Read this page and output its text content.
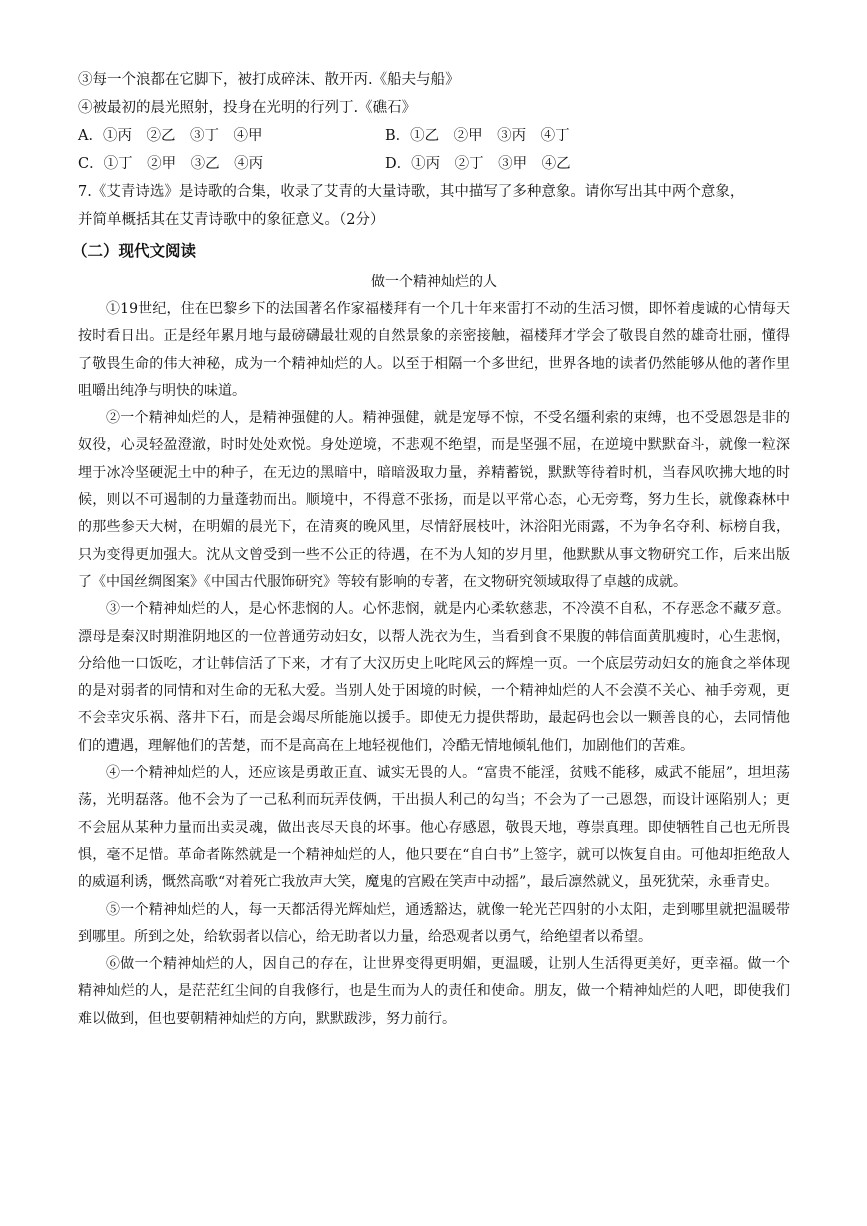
③每一个浪都在它脚下，被打成碎沫、散开丙.《船夫与船》
④被最初的晨光照射，投身在光明的行列丁.《礁石》
A．①丙　②乙　③丁　④甲	B．①乙　②甲　③丙　④丁
C．①丁　②甲　③乙　④丙	D．①丙　②丁　③甲　④乙
7.《艾青诗选》是诗歌的合集，收录了艾青的大量诗歌，其中描写了多种意象。请你写出其中两个意象，
并简单概括其在艾青诗歌中的象征意义。（2分）
（二）现代文阅读
做一个精神灿烂的人

①19世纪，住在巴黎乡下的法国著名作家福楼拜有一个几十年来雷打不动的生活习惯，即怀着虔诚的心情每天按时看日出。正是经年累月地与最磅礴最壮观的自然景象的亲密接触，福楼拜才学会了敬畏自然的雄奇壮丽，懂得了敬畏生命的伟大神秘，成为一个精神灿烂的人。以至于相隔一个多世纪，世界各地的读者仍然能够从他的著作里咀嚼出纯净与明快的味道。

②一个精神灿烂的人，是精神强健的人。精神强健，就是宠辱不惊，不受名缰利索的束缚，也不受恩怨是非的奴役，心灵轻盈澄澈，时时处处欢悦。身处逆境，不悲观不绝望，而是坚强不屈，在逆境中默默奋斗，就像一粒深埋于冰冷坚硬泥土中的种子，在无边的黑暗中，暗暗汲取力量，养精蓄锐，默默等待着时机，当春风吹拂大地的时候，则以不可遏制的力量蓬勃而出。顺境中，不得意不张扬，而是以平常心态，心无旁骛，努力生长，就像森林中的那些参天大树，在明媚的晨光下，在清爽的晚风里，尽情舒展枝叶，沐浴阳光雨露，不为争名夺利、标榜自我，只为变得更加强大。沈从文曾受到一些不公正的待遇，在不为人知的岁月里，他默默从事文物研究工作，后来出版了《中国丝绸图案》《中国古代服饰研究》等较有影响的专著，在文物研究领域取得了卓越的成就。

③一个精神灿烂的人，是心怀悲悯的人。心怀悲悯，就是内心柔软慈悲，不冷漠不自私，不存恶念不藏歹意。漂母是秦汉时期淮阴地区的一位普通劳动妇女，以帮人洗衣为生，当看到食不果腹的韩信面黄肌瘦时，心生悲悯，分给他一口饭吃，才让韩信活了下来，才有了大汉历史上叱咤风云的辉煌一页。一个底层劳动妇女的施食之举体现的是对弱者的同情和对生命的无私大爱。当别人处于困境的时候，一个精神灿烂的人不会漠不关心、袖手旁观，更不会幸灾乐祸、落井下石，而是会竭尽所能施以援手。即使无力提供帮助，最起码也会以一颗善良的心，去同情他们的遭遇，理解他们的苦楚，而不是高高在上地轻视他们，冷酷无情地倾轧他们，加剧他们的苦难。

④一个精神灿烂的人，还应该是勇敢正直、诚实无畏的人。“富贵不能淫，贫贱不能移，威武不能屈”，坦坦荡荡，光明磊落。他不会为了一己私利而玩弄伎俩，干出损人利己的勾当；不会为了一己恩怨，而设计诬陷别人；更不会屈从某种力量而出卖灵魂，做出丧尽天良的坏事。他心存感恩，敬畏天地，尊崇真理。即使牺牲自己也无所畏惧，毫不足惜。革命者陈然就是一个精神灿烂的人，他只要在“自白书”上签字，就可以恢复自由。可他却拒绝敌人的威逼利诱，慨然高歌“对着死亡我放声大笑，魔鬼的宫殿在笑声中动摇”，最后凛然就义，虽死犹荣，永垂青史。

⑤一个精神灿烂的人，每一天都活得光辉灿烂，通透豁达，就像一轮光芒四射的小太阳，走到哪里就把温暖带到哪里。所到之处，给软弱者以信心，给无助者以力量，给恐观者以勇气，给绝望者以希望。

⑥做一个精神灿烂的人，因自己的存在，让世界变得更明媚，更温暖，让别人生活得更美好，更幸福。做一个精神灿烂的人，是茫茫红尘间的自我修行，也是生而为人的责任和使命。朋友，做一个精神灿烂的人吧，即使我们难以做到，但也要朝精神灿烂的方向，默默跋涉，努力前行。
